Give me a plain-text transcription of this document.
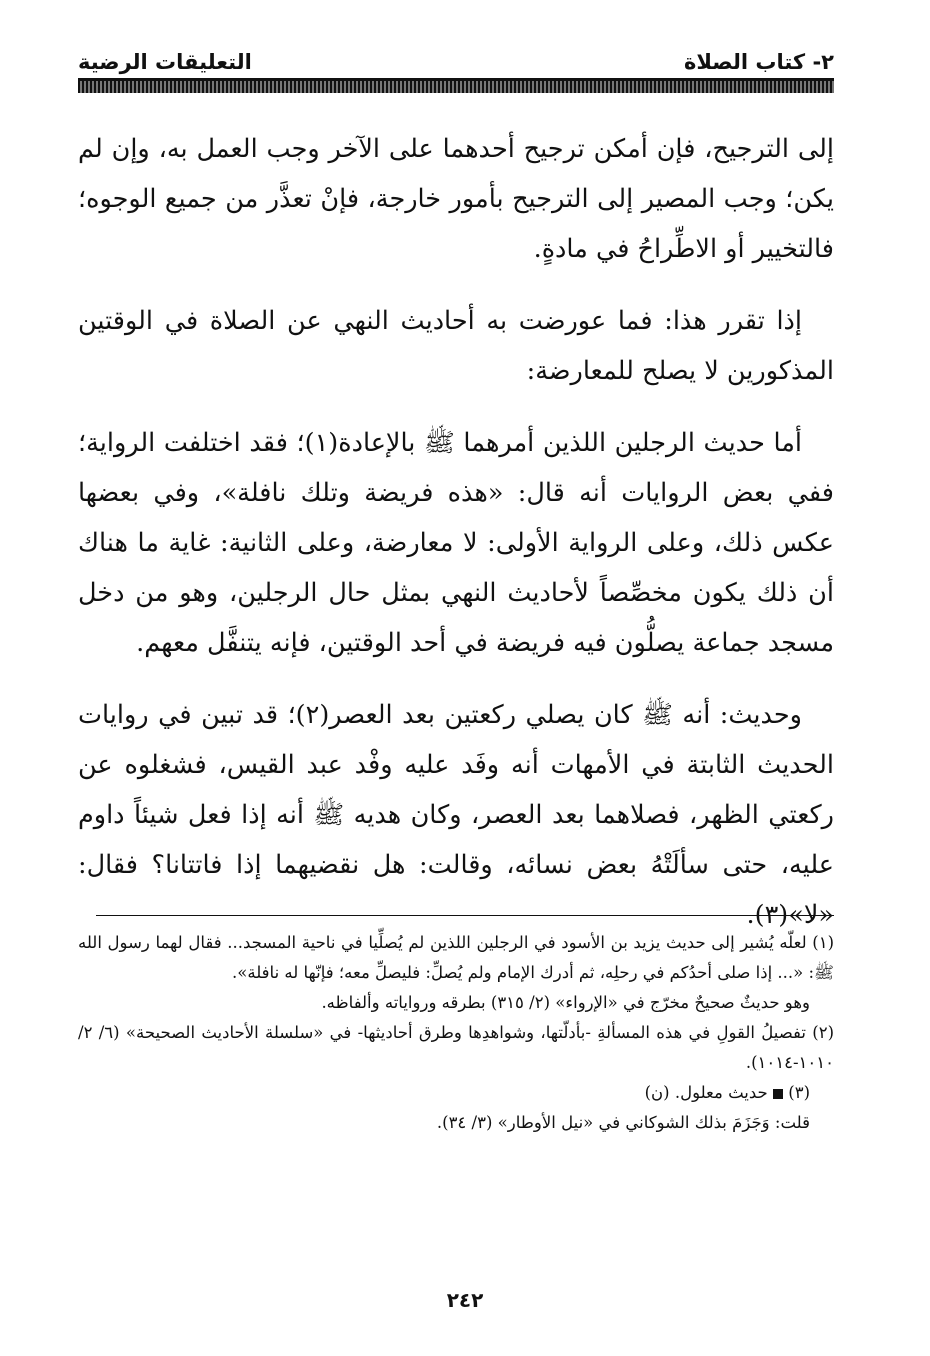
٢- كتاب الصلاة
التعليقات الرضية

إلى الترجيح، فإن أمكن ترجيح أحدهما على الآخر وجب العمل به، وإن لم يكن؛ وجب المصير إلى الترجيح بأمور خارجة، فإنْ تعذَّر من جميع الوجوه؛ فالتخيير أو الاطِّراحُ في مادةٍ.

إذا تقرر هذا: فما عورضت به أحاديث النهي عن الصلاة في الوقتين المذكورين لا يصلح للمعارضة:

أما حديث الرجلين اللذين أمرهما ﷺ بالإعادة(١)؛ فقد اختلفت الرواية؛ ففي بعض الروايات أنه قال: «هذه فريضة وتلك نافلة»، وفي بعضها عكس ذلك، وعلى الرواية الأولى: لا معارضة، وعلى الثانية: غاية ما هناك أن ذلك يكون مخصِّصاً لأحاديث النهي بمثل حال الرجلين، وهو من دخل مسجد جماعة يصلُّون فيه فريضة في أحد الوقتين، فإنه يتنفَّل معهم.

وحديث: أنه ﷺ كان يصلي ركعتين بعد العصر(٢)؛ قد تبين في روايات الحديث الثابتة في الأمهات أنه وفَد عليه وفْد عبد القيس، فشغلوه عن ركعتي الظهر، فصلاهما بعد العصر، وكان هديه ﷺ أنه إذا فعل شيئاً داوم عليه، حتى سألَتْهُ بعض نسائه، وقالت: هل نقضيهما إذا فاتتانا؟ فقال: «لا»(٣).

(١) لعلّه يُشير إلى حديث يزيد بن الأسود في الرجلين اللذين لم يُصلِّيا في ناحية المسجد... فقال لهما رسول الله ﷺ: «... إذا صلى أحدُكم في رحلِه، ثم أدرك الإمام ولم يُصلِّ: فليصلِّ معه؛ فإنّها له نافلة».

وهو حديثٌ صحيحٌ مخرّج في «الإرواء» (٢/ ٣١٥) بطرقه ورواياته وألفاظه.

(٢) تفصيلُ القولِ في هذه المسألةِ -بأدلّتها، وشواهدِها وطرق أحاديثها- في «سلسلة الأحاديث الصحيحة» (٦/ ٢/ ١٠١٠-١٠١٤).

(٣)  حديث معلول. (ن)

قلت: وَجَزَمَ بذلك الشوكاني في «نيل الأوطار» (٣/ ٣٤).

٢٤٢
